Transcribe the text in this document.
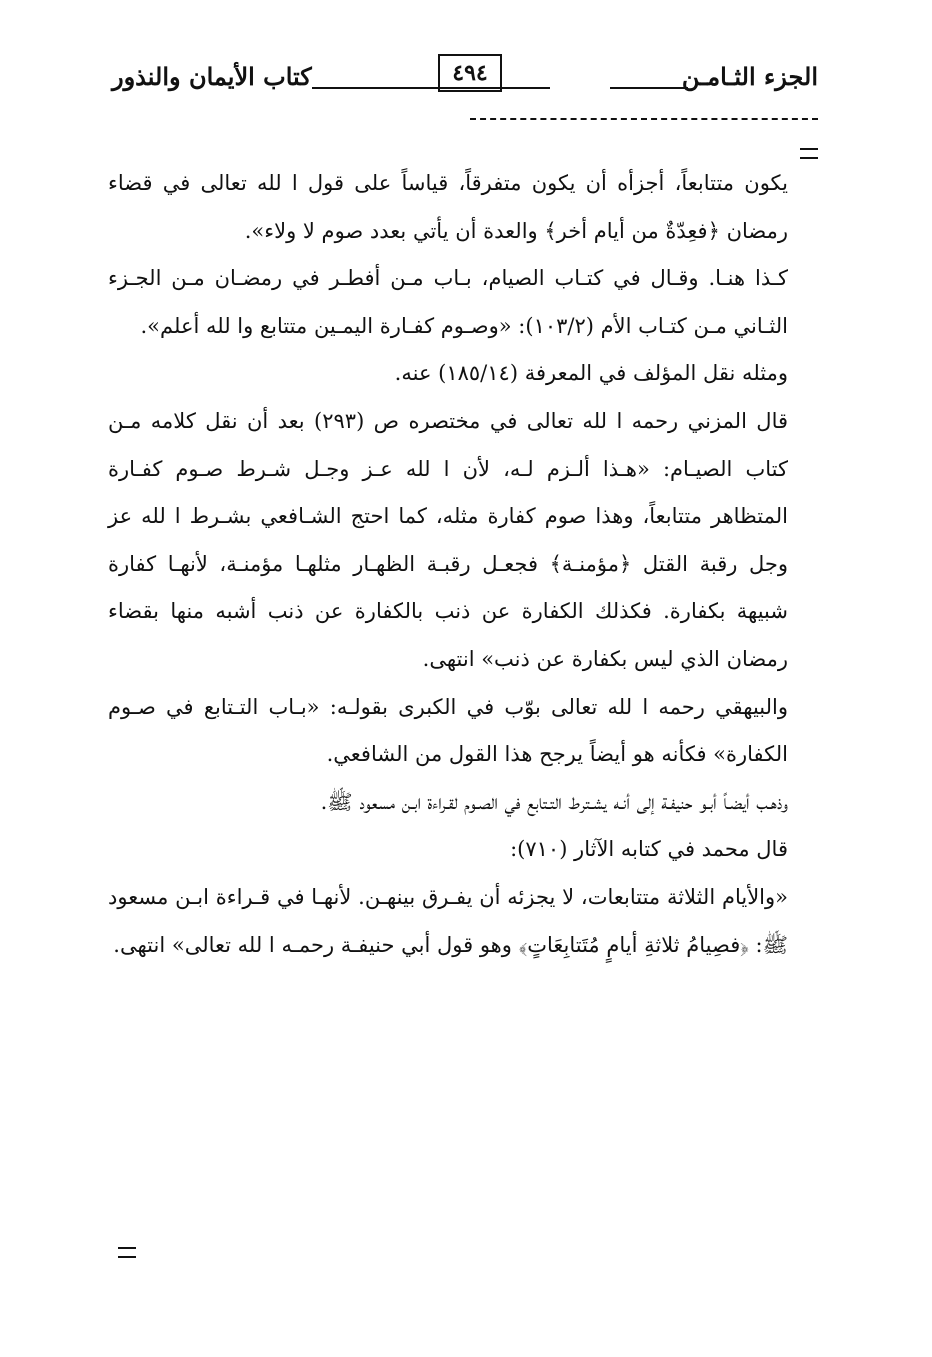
الجزء الثـامـن
٤٩٤
كتاب الأيمان والنذور

يكون متتابعاً، أجزأه أن يكون متفرقاً، قياساً على قول ا لله تعالى في قضاء رمضان ﴿فعِدّةٌ من أيام أخر﴾ والعدة أن يأتي بعدد صوم لا ولاء».

كـذا هنـا. وقـال في كتـاب الصيام، بـاب مـن أفطـر في رمضـان مـن الجـزء الثـاني مـن كتـاب الأم (١٠٣/٢): «وصـوم كفـارة اليمـين متتابع وا لله أعلم».

ومثله نقل المؤلف في المعرفة (١٨٥/١٤) عنه.

قال المزني رحمه ا لله تعالى في مختصره ص (٢٩٣) بعد أن نقل كلامه مـن كتاب الصيـام: «هـذا ألـزم لـه، لأن ا لله عـز وجـل شـرط صـوم كفـارة المتظاهر متتابعاً، وهذا صوم كفارة مثله، كما احتج الشـافعي بشـرط ا لله عز وجل رقبة القتل ﴿مؤمنـة﴾ فجعـل رقبـة الظهـار مثلهـا مؤمنـة، لأنهـا كفارة شبيهة بكفارة. فكذلك الكفارة عن ذنب بالكفارة عن ذنب أشبه منها بقضاء رمضان الذي ليس بكفارة عن ذنب» انتهى.

والبيهقي رحمه ا لله تعالى بوّب في الكبرى بقولـه: «بـاب التـتابع في صـوم الكفارة» فكأنه هو أيضاً يرجح هذا القول من الشافعي.

وذهـب أيضـاً أبـو حنيفـة إلى أنـه يشـترط التـتابع في الصـوم لقـراءة ابـن مسعود ﷺ.

قال محمد في كتابه الآثار (٧١٠):

«والأيام الثلاثة متتابعات، لا يجزئه أن يفـرق بينهـن. لأنهـا في قـراءة ابـن مسعود ﷺ: ﴿فصِيامُ ثلاثةِ أيامٍ مُتَتابِعَاتٍ﴾ وهو قول أبي حنيفـة رحمـه ا لله تعالى» انتهى.
